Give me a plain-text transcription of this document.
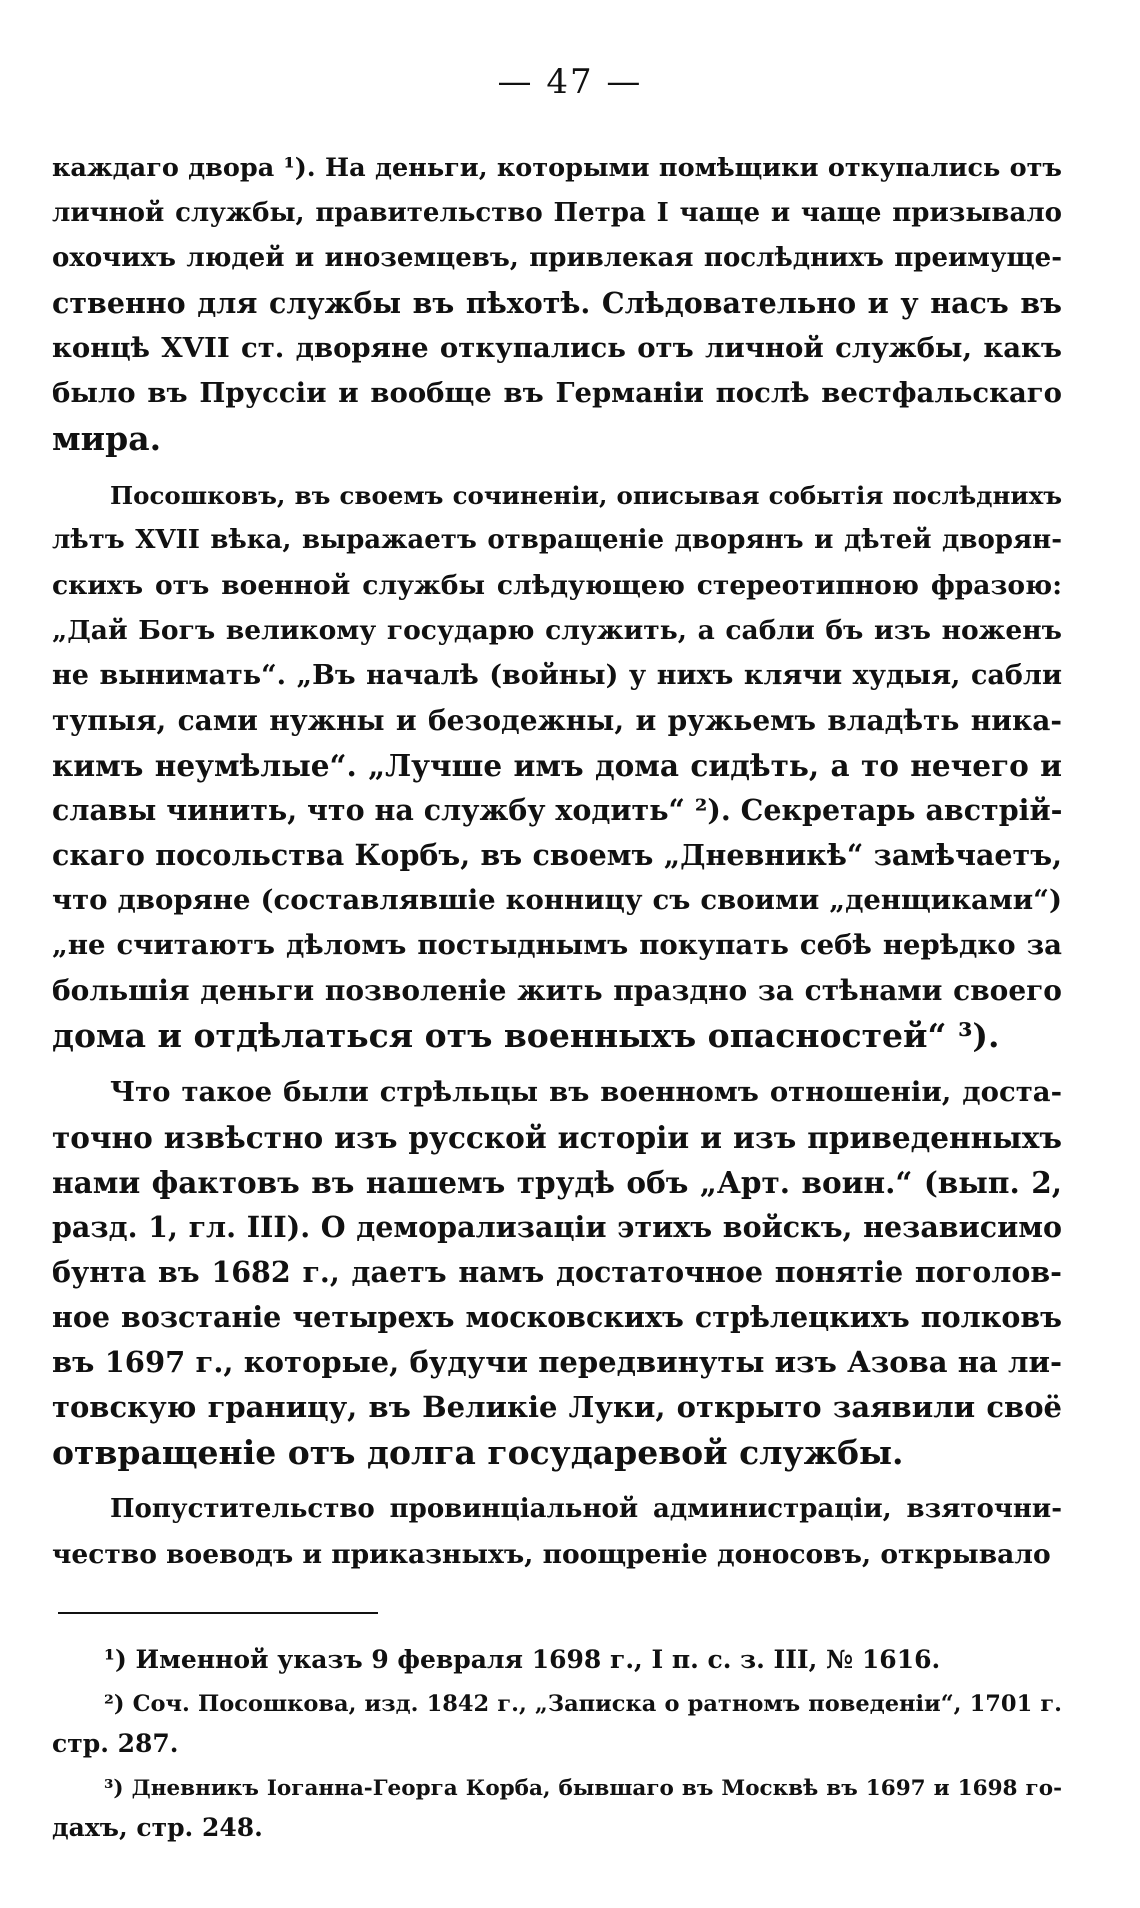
— 47 —
каждаго двора ¹). На деньги, которыми помѣщики откупались отъ
личной службы, правительство Петра I чаще и чаще призывало
охочихъ людей и иноземцевъ, привлекая послѣднихъ преимуще-
ственно для службы въ пѣхотѣ. Слѣдовательно и у насъ въ
концѣ XVII ст. дворяне откупались отъ личной службы, какъ
было въ Пруссіи и вообще въ Германіи послѣ вестфальскаго
мира.
Посошковъ, въ своемъ сочиненіи, описывая событія послѣднихъ
лѣтъ XVII вѣка, выражаетъ отвращеніе дворянъ и дѣтей дворян-
скихъ отъ военной службы слѣдующею стереотипною фразою:
„Дай Богъ великому государю служить, а сабли бъ изъ ноженъ
не вынимать“. „Въ началѣ (войны) у нихъ клячи худыя, сабли
тупыя, сами нужны и безодежны, и ружьемъ владѣть ника-
кимъ неумѣлые“. „Лучше имъ дома сидѣть, а то нечего и
славы чинить, что на службу ходить“ ²). Секретарь австрій-
скаго посольства Корбъ, въ своемъ „Дневникѣ“ замѣчаетъ,
что дворяне (составлявшіе конницу съ своими „денщиками“)
„не считаютъ дѣломъ постыднымъ покупать себѣ нерѣдко за
большія деньги позволеніе жить праздно за стѣнами своего
дома и отдѣлаться отъ военныхъ опасностей“ ³).
Что такое были стрѣльцы въ военномъ отношеніи, доста-
точно извѣстно изъ русской исторіи и изъ приведенныхъ
нами фактовъ въ нашемъ трудѣ объ „Арт. воин.“ (вып. 2,
разд. 1, гл. III). О деморализаціи этихъ войскъ, независимо
бунта въ 1682 г., даетъ намъ достаточное понятіе поголов-
ное возстаніе четырехъ московскихъ стрѣлецкихъ полковъ
въ 1697 г., которые, будучи передвинуты изъ Азова на ли-
товскую границу, въ Великіе Луки, открыто заявили своё
отвращеніе отъ долга государевой службы.
Попустительство провинціальной администраціи, взяточни-
чество воеводъ и приказныхъ, поощреніе доносовъ, открывало
¹) Именной указъ 9 февраля 1698 г., I п. с. з. III, № 1616.
²) Соч. Посошкова, изд. 1842 г., „Записка о ратномъ поведеніи“, 1701 г.
стр. 287.
³) Дневникъ Іоганна-Георга Корба, бывшаго въ Москвѣ въ 1697 и 1698 го-
дахъ, стр. 248.
